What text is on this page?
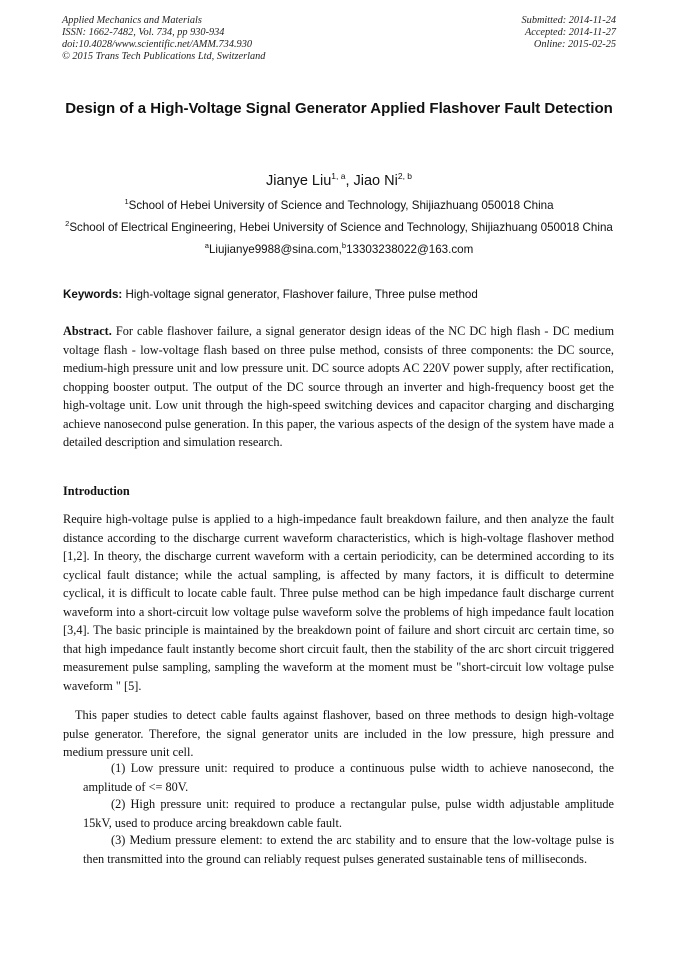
Applied Mechanics and Materials
ISSN: 1662-7482, Vol. 734, pp 930-934
doi:10.4028/www.scientific.net/AMM.734.930
© 2015 Trans Tech Publications Ltd, Switzerland
Submitted: 2014-11-24
Accepted: 2014-11-27
Online: 2015-02-25
Design of a High-Voltage Signal Generator Applied Flashover Fault Detection
Jianye Liu$^{1, a}$, Jiao Ni$^{2, b}$

$^1$School of Hebei University of Science and Technology, Shijiazhuang 050018 China

$^2$School of Electrical Engineering, Hebei University of Science and Technology, Shijiazhuang 050018 China

$^a$Liujianye9988@sina.com,$^b$13303238022@163.com

Keywords: High-voltage signal generator, Flashover failure, Three pulse method
Abstract. For cable flashover failure, a signal generator design ideas of the NC DC high flash - DC medium voltage flash - low-voltage flash based on three pulse method, consists of three components: the DC source, medium-high pressure unit and low pressure unit. DC source adopts AC 220V power supply, after rectification, chopping booster output. The output of the DC source through an inverter and high-frequency boost get the high-voltage unit. Low unit through the high-speed switching devices and capacitor charging and discharging achieve nanosecond pulse generation. In this paper, the various aspects of the design of the system have made a detailed description and simulation research.
Introduction

Require high-voltage pulse is applied to a high-impedance fault breakdown failure, and then analyze the fault distance according to the discharge current waveform characteristics, which is high-voltage flashover method [1,2]. In theory, the discharge current waveform with a certain periodicity, can be determined according to its cyclical fault distance; while the actual sampling, is affected by many factors, it is difficult to determine cyclical, it is difficult to locate cable fault. Three pulse method can be high impedance fault discharge current waveform into a short-circuit low voltage pulse waveform solve the problems of high impedance fault location [3,4]. The basic principle is maintained by the breakdown point of failure and short circuit arc certain time, so that high impedance fault instantly become short circuit fault, then the stability of the arc short circuit triggered measurement pulse sampling, sampling the waveform at the moment must be "short-circuit low voltage pulse waveform " [5].

This paper studies to detect cable faults against flashover, based on three methods to design high-voltage pulse generator. Therefore, the signal generator units are included in the low pressure, high pressure and medium pressure unit cell.

(1) Low pressure unit: required to produce a continuous pulse width to achieve nanosecond, the amplitude of <= 80V.

(2) High pressure unit: required to produce a rectangular pulse, pulse width adjustable amplitude 15kV, used to produce arcing breakdown cable fault.

(3) Medium pressure element: to extend the arc stability and to ensure that the low-voltage pulse is then transmitted into the ground can reliably request pulses generated sustainable tens of milliseconds.
